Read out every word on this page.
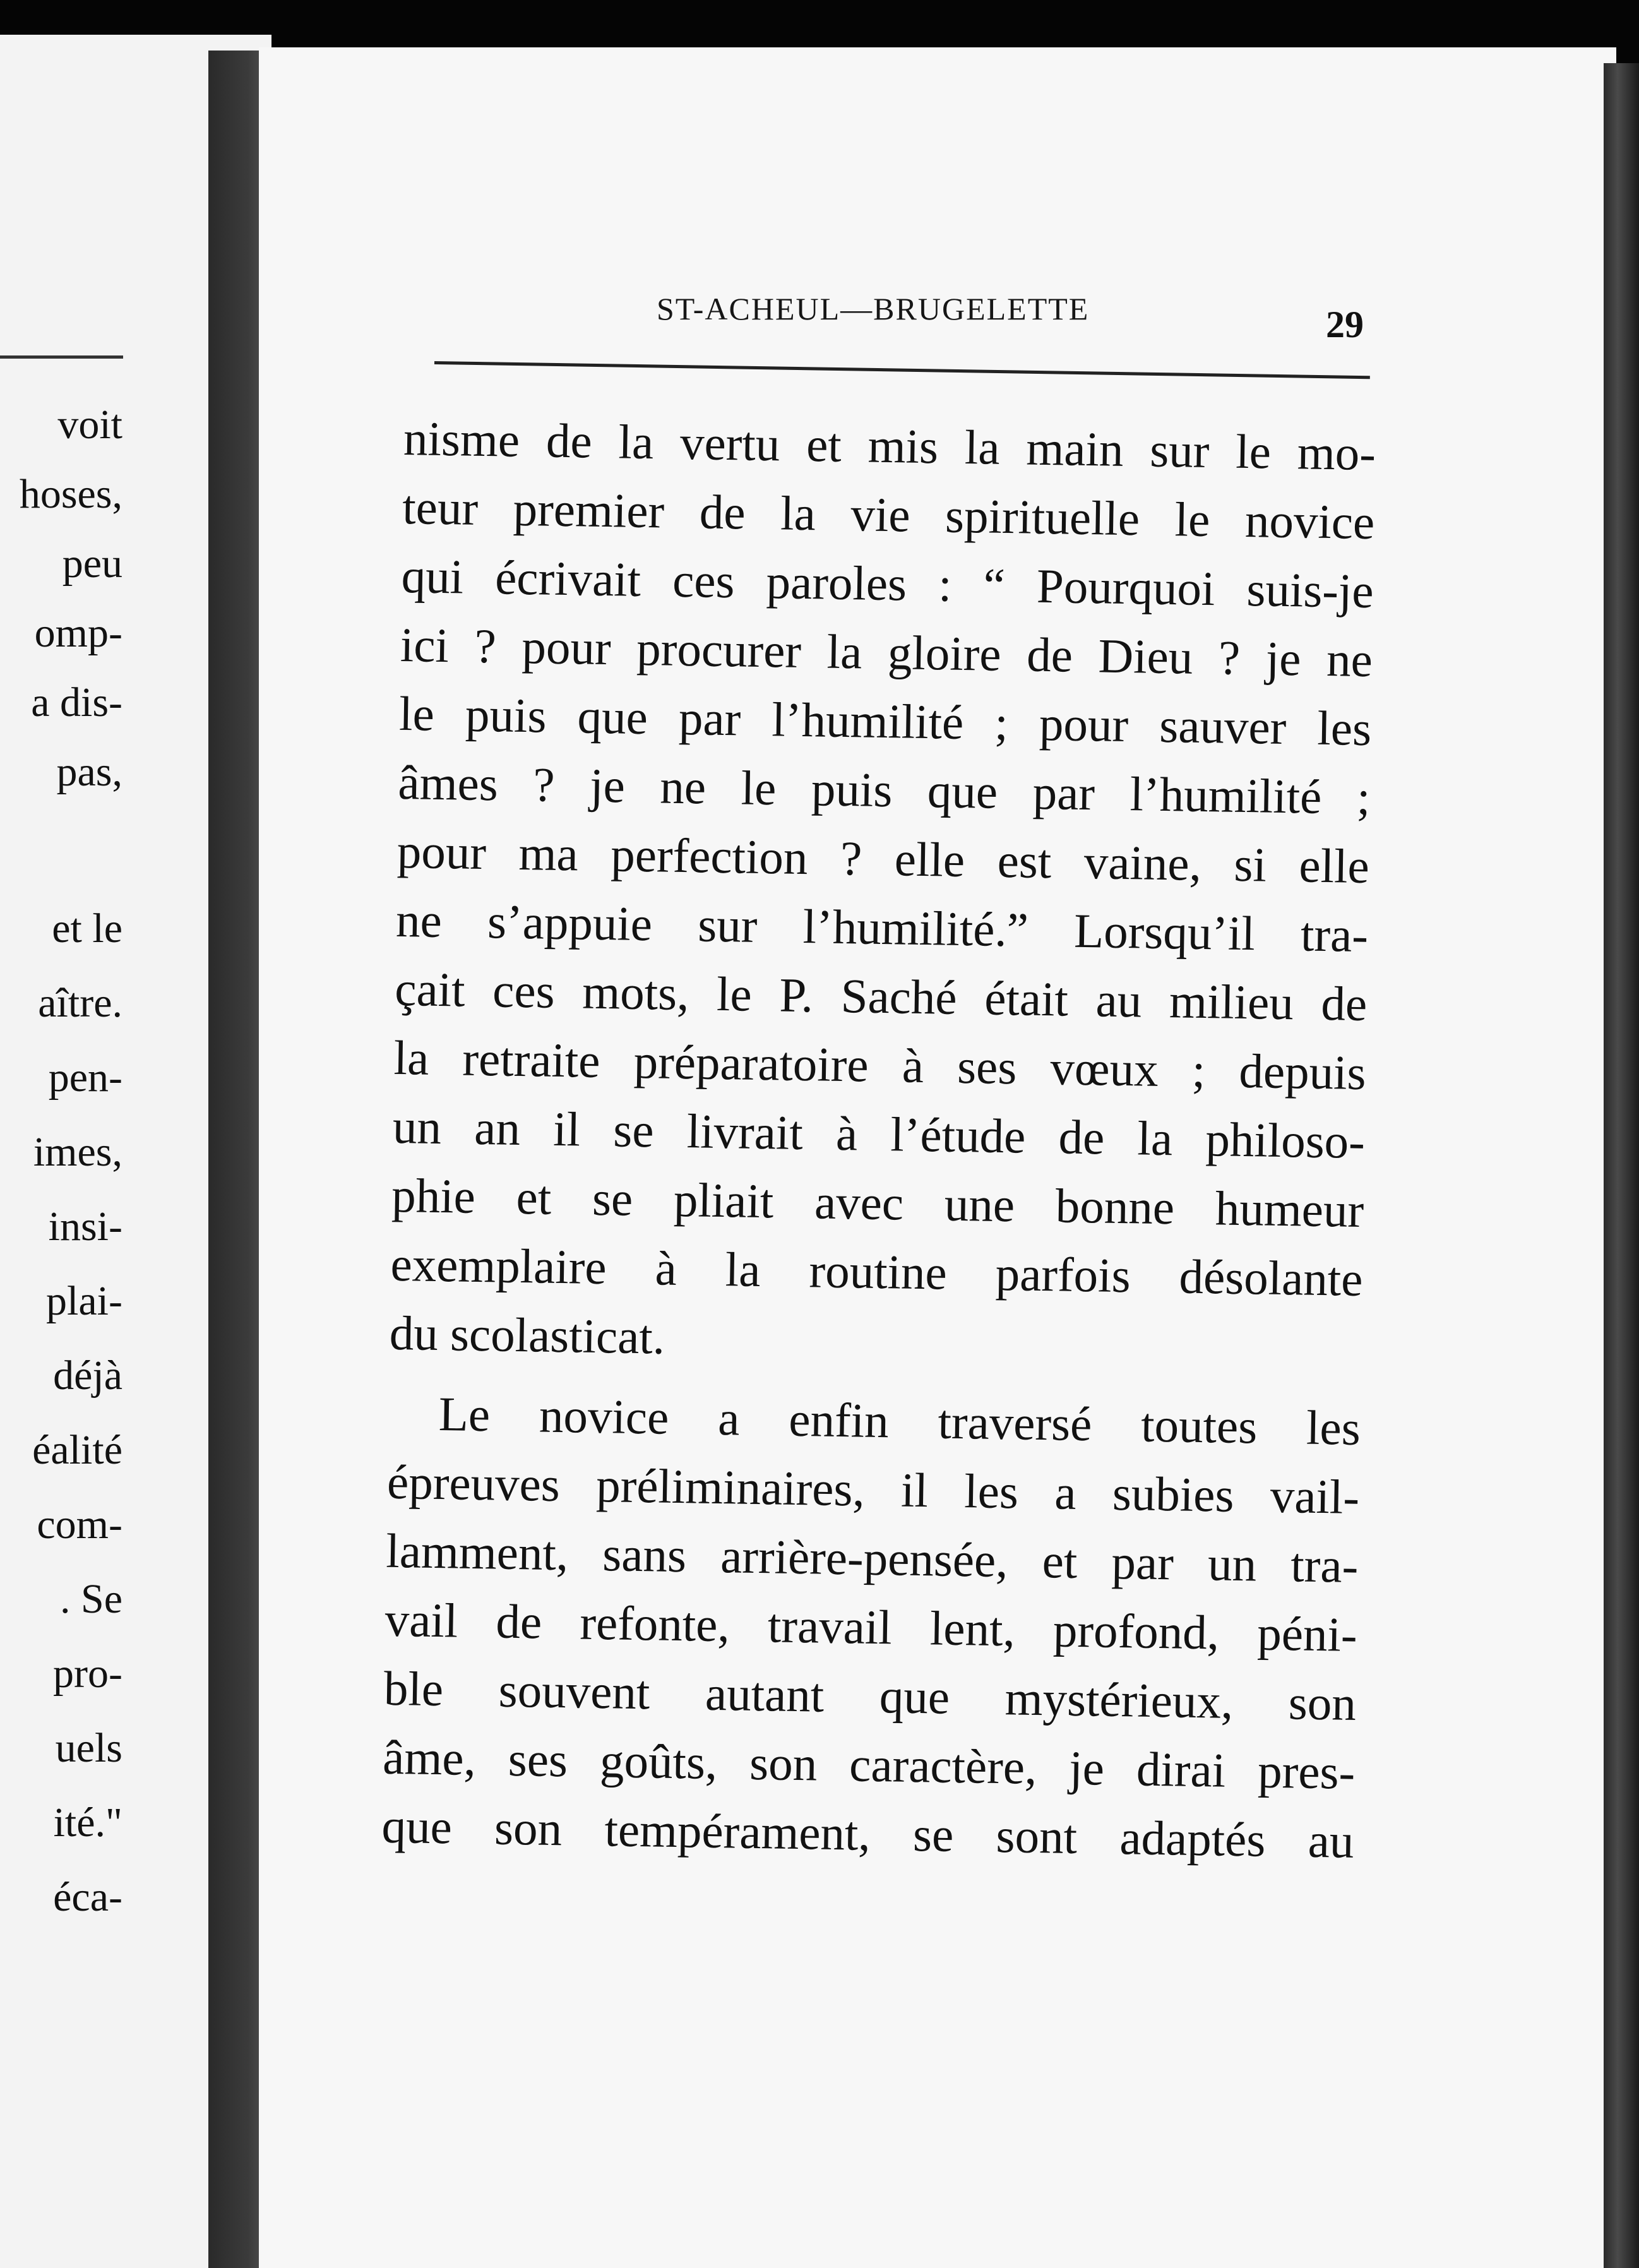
voit
hoses,
peu
omp-
a dis-
pas,
et le
aître.
pen-
imes,
insi-
plai-
déjà
éalité
com-
. Se
pro-
uels
ité."
éca-
ST-ACHEUL—BRUGELETTE	29
nisme de la vertu et mis la main sur le mo-
teur premier de la vie spirituelle le novice
qui écrivait ces paroles : “ Pourquoi suis-je
ici ? pour procurer la gloire de Dieu ? je ne
le puis que par l’humilité ; pour sauver les
âmes ? je ne le puis que par l’humilité ;
pour ma perfection ? elle est vaine, si elle
ne s’appuie sur l’humilité.” Lorsqu’il tra-
çait ces mots, le P. Saché était au milieu de
la retraite préparatoire à ses vœux ; depuis
un an il se livrait à l’étude de la philoso-
phie et se pliait avec une bonne humeur
exemplaire à la routine parfois désolante
du scolasticat.
Le novice a enfin traversé toutes les
épreuves préliminaires, il les a subies vail-
lamment, sans arrière-pensée, et par un tra-
vail de refonte, travail lent, profond, péni-
ble souvent autant que mystérieux, son
âme, ses goûts, son caractère, je dirai pres-
que son tempérament, se sont adaptés au
